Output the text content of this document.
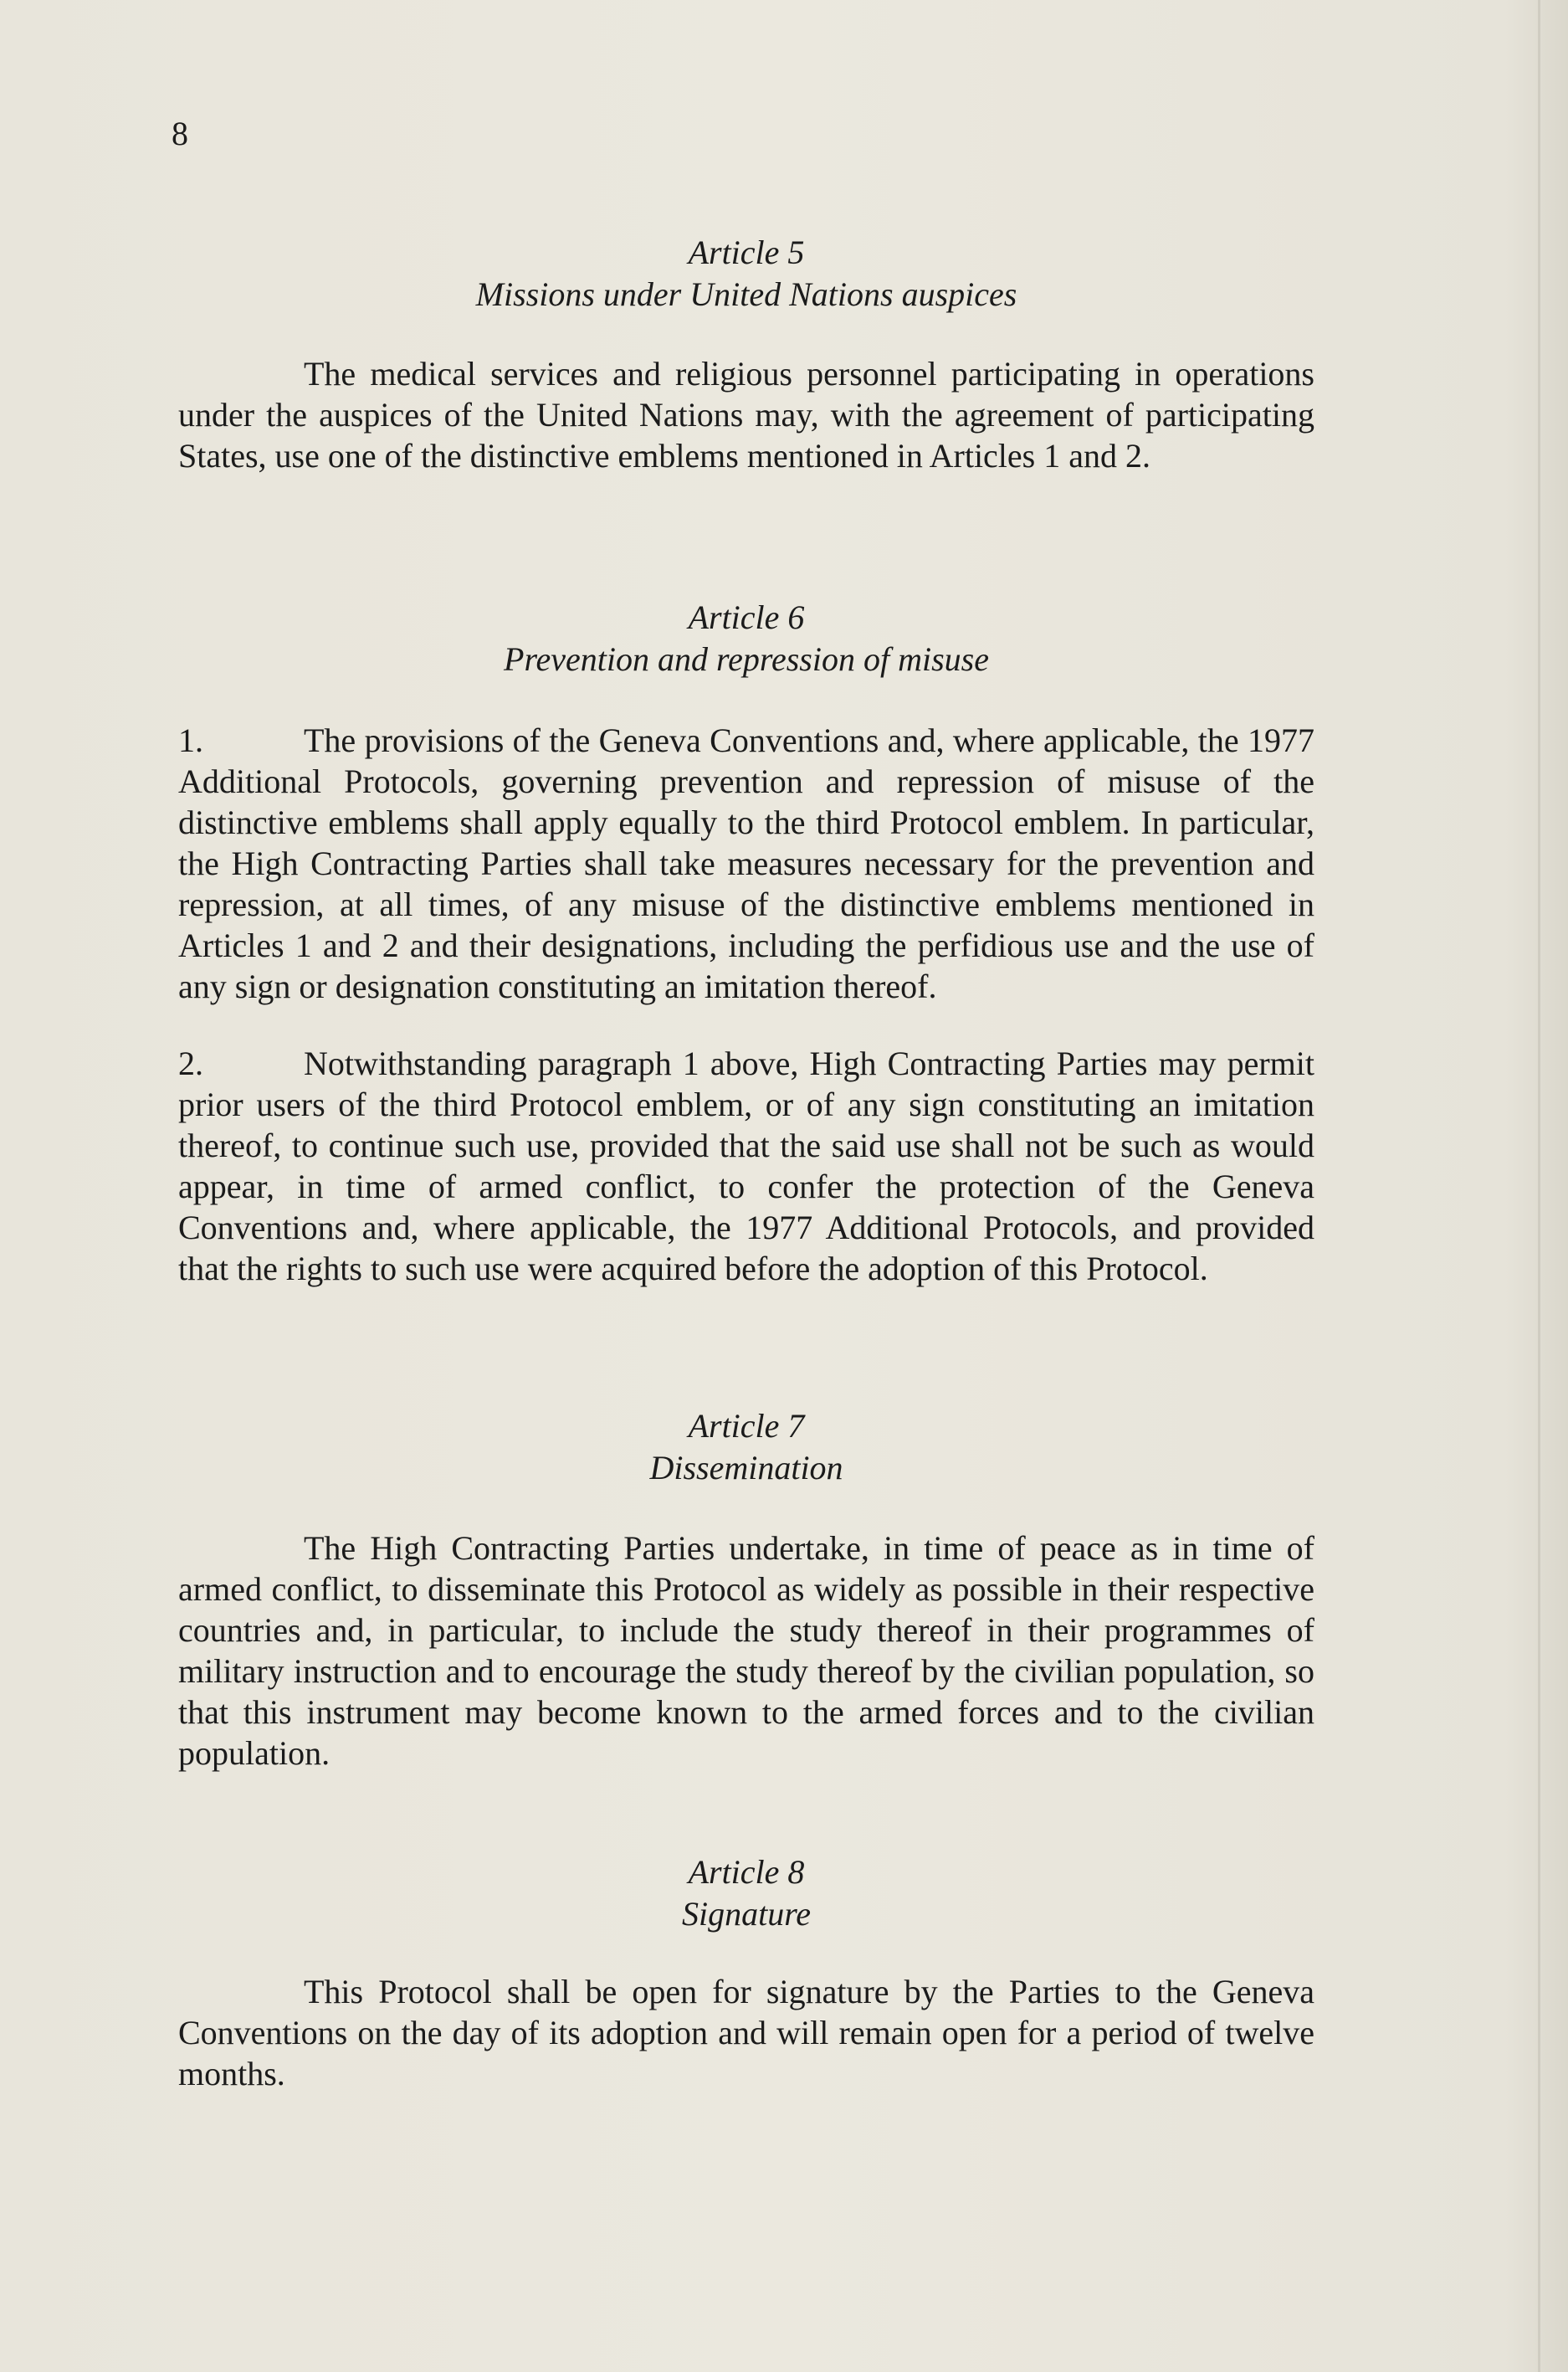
8
Article 5
Missions under United Nations auspices

The medical services and religious personnel participating in operations under the auspices of the United Nations may, with the agreement of participating States, use one of the distinctive emblems mentioned in Articles 1 and 2.

Article 6
Prevention and repression of misuse

1.	The provisions of the Geneva Conventions and, where applicable, the 1977 Additional Protocols, governing prevention and repression of misuse of the distinctive emblems shall apply equally to the third Protocol emblem. In particular, the High Contracting Parties shall take measures necessary for the prevention and repression, at all times, of any misuse of the distinctive emblems mentioned in Articles 1 and 2 and their designations, including the perfidious use and the use of any sign or designation constituting an imitation thereof.

2.	Notwithstanding paragraph 1 above, High Contracting Parties may permit prior users of the third Protocol emblem, or of any sign constituting an imitation thereof, to continue such use, provided that the said use shall not be such as would appear, in time of armed conflict, to confer the protection of the Geneva Conventions and, where applicable, the 1977 Additional Protocols, and provided that the rights to such use were acquired before the adoption of this Protocol.

Article 7
Dissemination

The High Contracting Parties undertake, in time of peace as in time of armed conflict, to disseminate this Protocol as widely as possible in their respective countries and, in particular, to include the study thereof in their programmes of military instruction and to encourage the study thereof by the civilian population, so that this instrument may become known to the armed forces and to the civilian population.

Article 8
Signature

This Protocol shall be open for signature by the Parties to the Geneva Conventions on the day of its adoption and will remain open for a period of twelve months.
